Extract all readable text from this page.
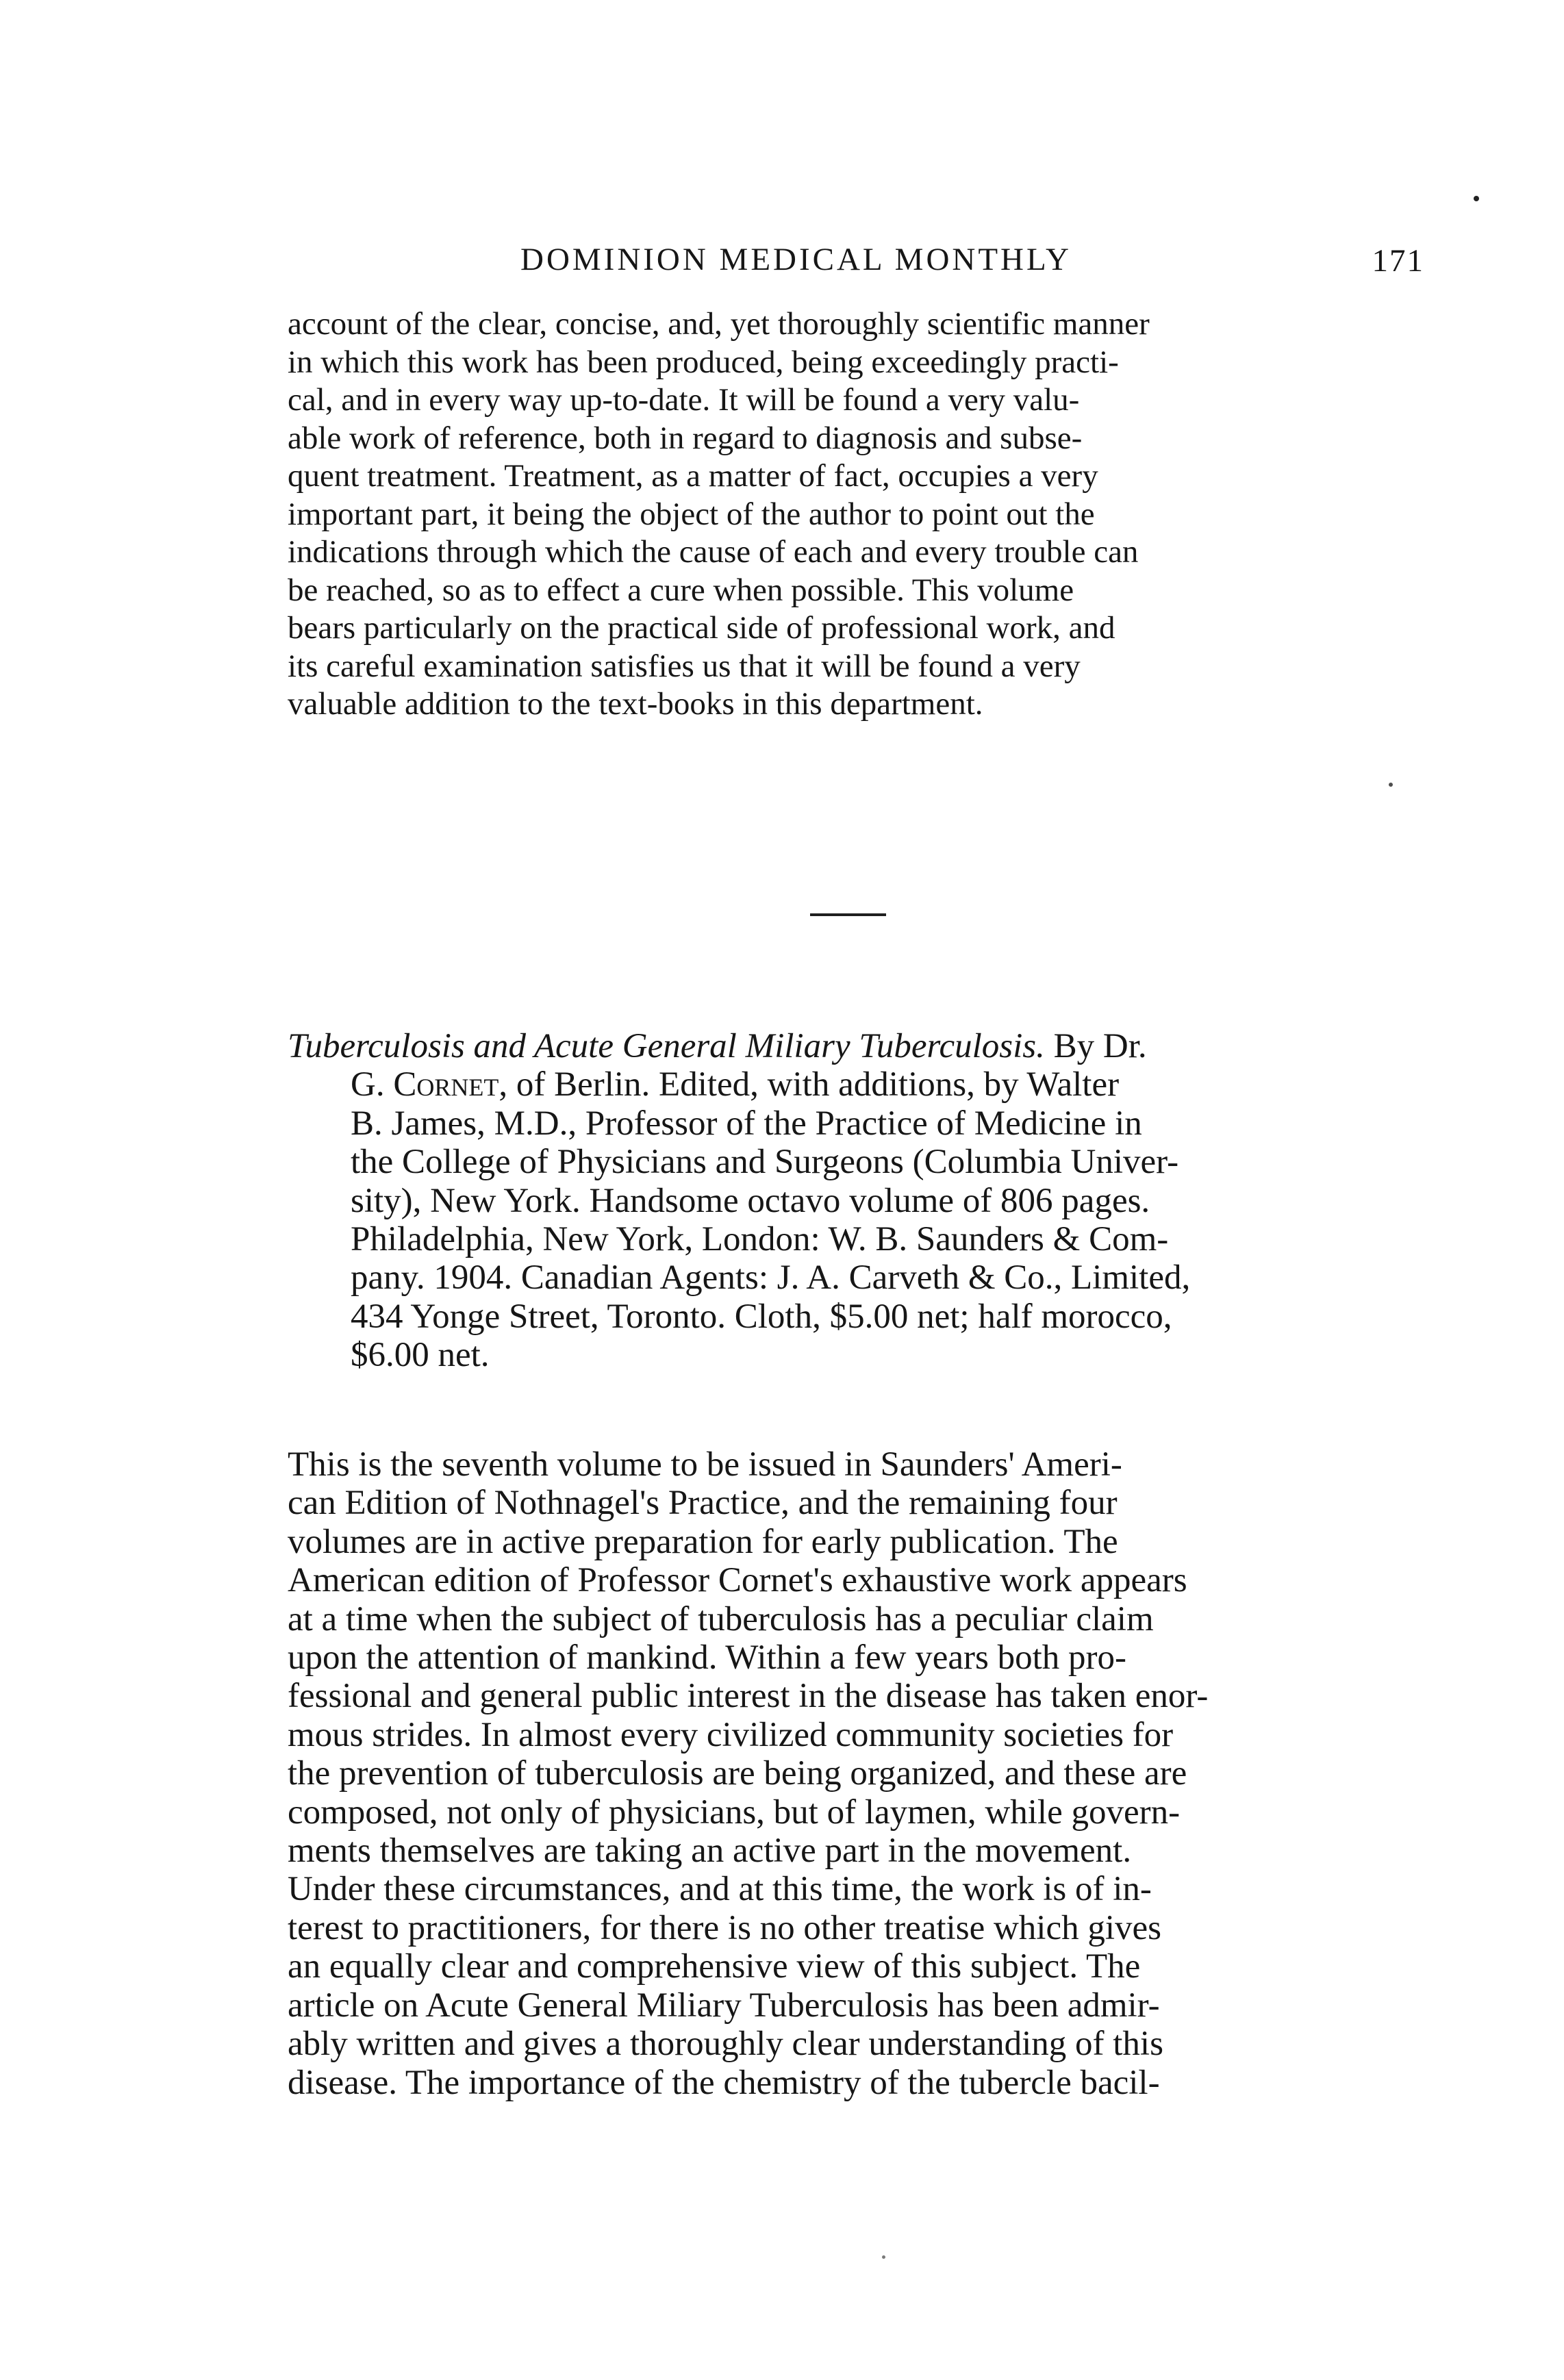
DOMINION MEDICAL MONTHLY	171
account of the clear, concise, and, yet thoroughly scientific manner
in which this work has been produced, being exceedingly practi-
cal, and in every way up-to-date. It will be found a very valu-
able work of reference, both in regard to diagnosis and subse-
quent treatment. Treatment, as a matter of fact, occupies a very
important part, it being the object of the author to point out the
indications through which the cause of each and every trouble can
be reached, so as to effect a cure when possible. This volume
bears particularly on the practical side of professional work, and
its careful examination satisfies us that it will be found a very
valuable addition to the text-books in this department.
Tuberculosis and Acute General Miliary Tuberculosis. By Dr.
G. Cornet, of Berlin. Edited, with additions, by Walter
B. James, M.D., Professor of the Practice of Medicine in
the College of Physicians and Surgeons (Columbia Univer-
sity), New York. Handsome octavo volume of 806 pages.
Philadelphia, New York, London: W. B. Saunders & Com-
pany. 1904. Canadian Agents: J. A. Carveth & Co., Limited,
434 Yonge Street, Toronto. Cloth, $5.00 net; half morocco,
$6.00 net.
This is the seventh volume to be issued in Saunders' Ameri-
can Edition of Nothnagel's Practice, and the remaining four
volumes are in active preparation for early publication. The
American edition of Professor Cornet's exhaustive work appears
at a time when the subject of tuberculosis has a peculiar claim
upon the attention of mankind. Within a few years both pro-
fessional and general public interest in the disease has taken enor-
mous strides. In almost every civilized community societies for
the prevention of tuberculosis are being organized, and these are
composed, not only of physicians, but of laymen, while govern-
ments themselves are taking an active part in the movement.
Under these circumstances, and at this time, the work is of in-
terest to practitioners, for there is no other treatise which gives
an equally clear and comprehensive view of this subject. The
article on Acute General Miliary Tuberculosis has been admir-
ably written and gives a thoroughly clear understanding of this
disease. The importance of the chemistry of the tubercle bacil-
